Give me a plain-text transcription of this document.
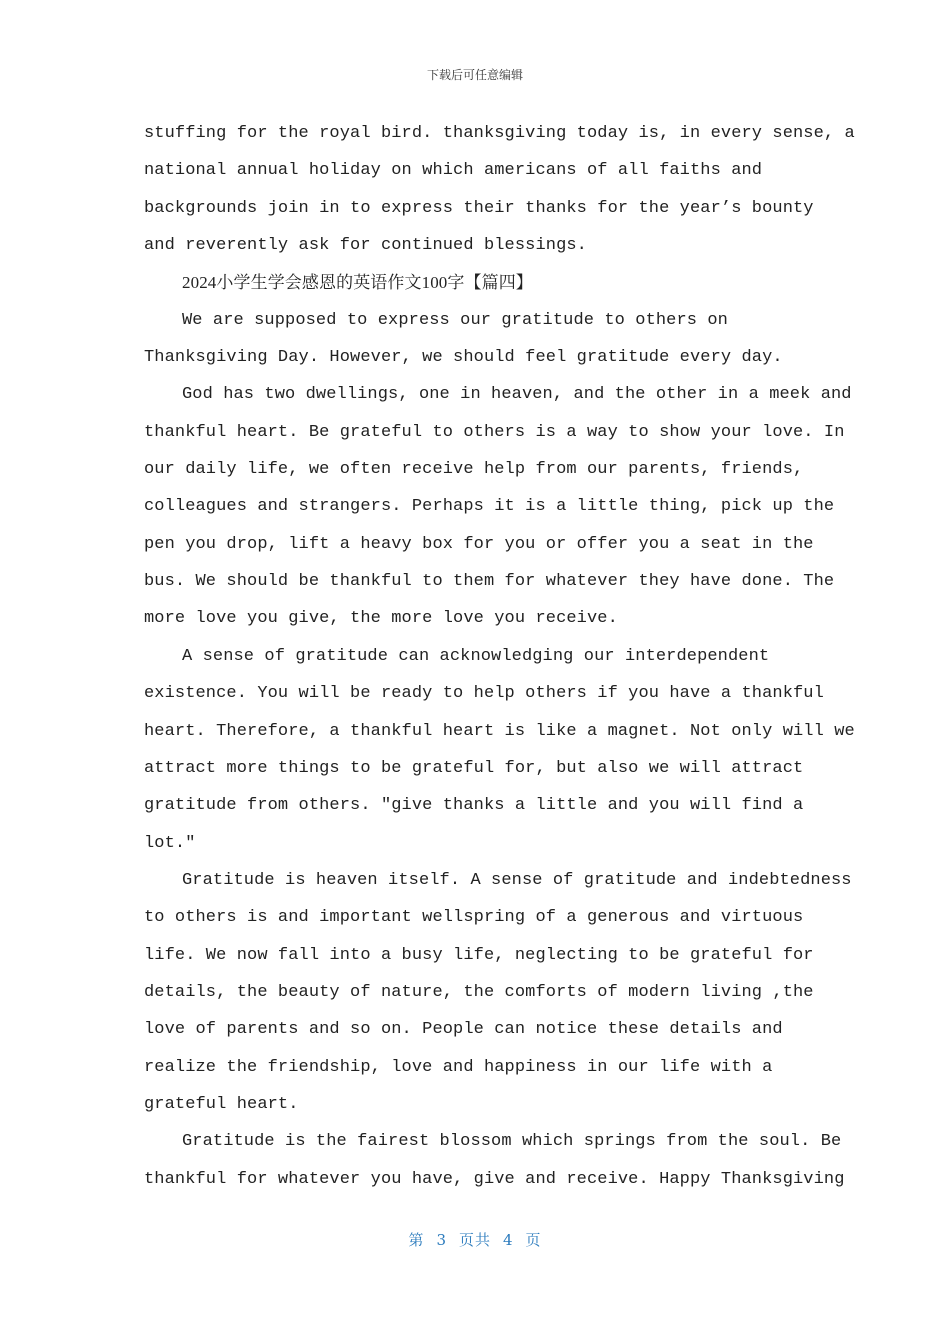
下载后可任意编辑
stuffing for the royal bird. thanksgiving today is, in every sense, a
national annual holiday on which americans of all faiths and
backgrounds join in to express their thanks for the year’s bounty
and reverently ask for continued blessings.
2024小学生学会感恩的英语作文100字【篇四】
We are supposed to express our gratitude to others on
Thanksgiving Day. However, we should feel gratitude every day.
God has two dwellings, one in heaven, and the other in a meek and
thankful heart. Be grateful to others is a way to show your love. In
our daily life, we often receive help from our parents, friends,
colleagues and strangers. Perhaps it is a little thing, pick up the
pen you drop, lift a heavy box for you or offer you a seat in the
bus. We should be thankful to them for whatever they have done. The
more love you give, the more love you receive.
A sense of gratitude can acknowledging our interdependent
existence. You will be ready to help others if you have a thankful
heart. Therefore, a thankful heart is like a magnet. Not only will we
attract more things to be grateful for, but also we will attract
gratitude from others. ″give thanks a little and you will find a
lot.″
Gratitude is heaven itself. A sense of gratitude and indebtedness
to others is and important wellspring of a generous and virtuous
life. We now fall into a busy life, neglecting to be grateful for
details, the beauty of nature, the comforts of modern living ,the
love of parents and so on. People can notice these details and
realize the friendship, love and happiness in our life with a
grateful heart.
Gratitude is the fairest blossom which springs from the soul. Be
thankful for whatever you have, give and receive. Happy Thanksgiving
第 3 页共 4 页
